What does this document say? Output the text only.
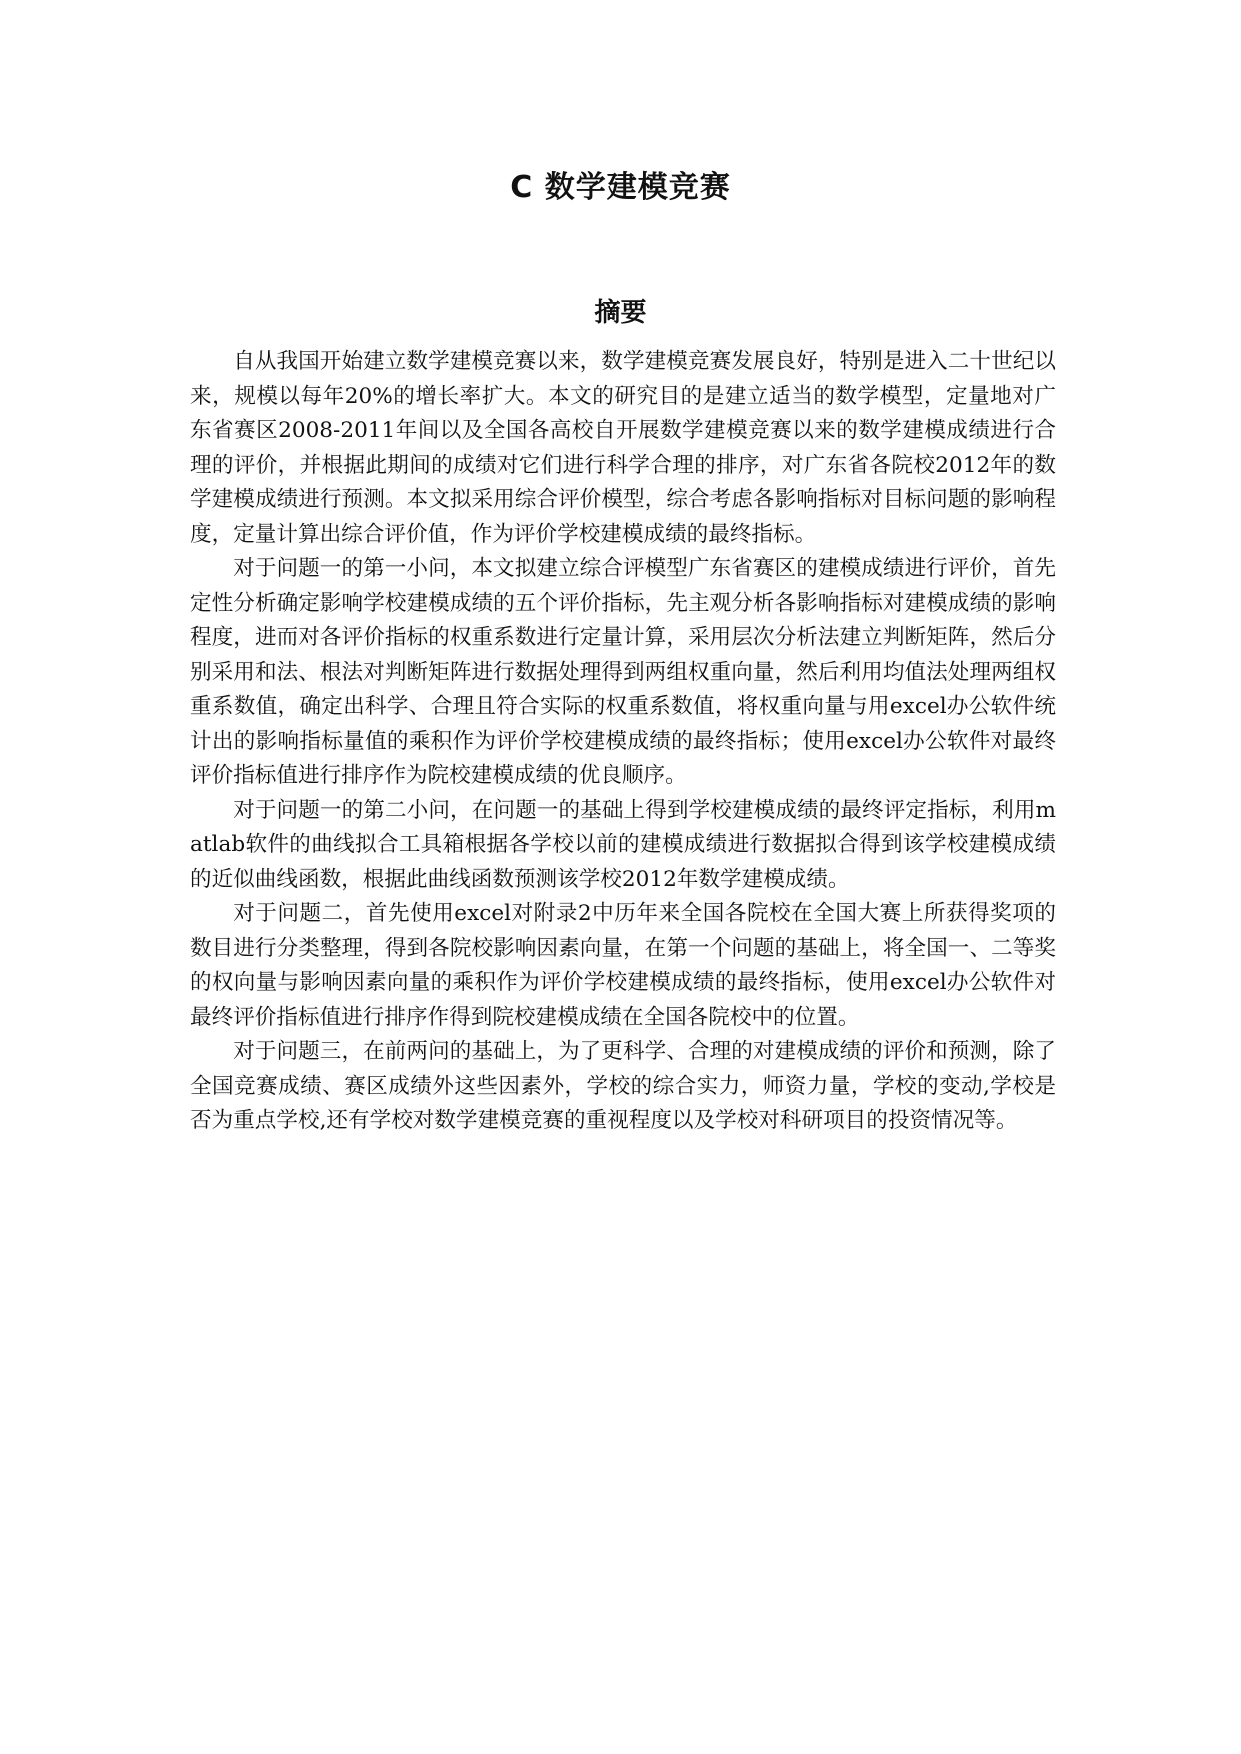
C 数学建模竞赛
摘要

自从我国开始建立数学建模竞赛以来，数学建模竞赛发展良好，特别是进入二十世纪以来，规模以每年20%的增长率扩大。本文的研究目的是建立适当的数学模型，定量地对广东省赛区2008-2011年间以及全国各高校自开展数学建模竞赛以来的数学建模成绩进行合理的评价，并根据此期间的成绩对它们进行科学合理的排序，对广东省各院校2012年的数学建模成绩进行预测。本文拟采用综合评价模型，综合考虑各影响指标对目标问题的影响程度，定量计算出综合评价值，作为评价学校建模成绩的最终指标。

对于问题一的第一小问，本文拟建立综合评模型广东省赛区的建模成绩进行评价，首先定性分析确定影响学校建模成绩的五个评价指标，先主观分析各影响指标对建模成绩的影响程度，进而对各评价指标的权重系数进行定量计算，采用层次分析法建立判断矩阵，然后分别采用和法、根法对判断矩阵进行数据处理得到两组权重向量，然后利用均值法处理两组权重系数值，确定出科学、合理且符合实际的权重系数值，将权重向量与用excel办公软件统计出的影响指标量值的乘积作为评价学校建模成绩的最终指标；使用excel办公软件对最终评价指标值进行排序作为院校建模成绩的优良顺序。

对于问题一的第二小问，在问题一的基础上得到学校建模成绩的最终评定指标，利用matlab软件的曲线拟合工具箱根据各学校以前的建模成绩进行数据拟合得到该学校建模成绩的近似曲线函数，根据此曲线函数预测该学校2012年数学建模成绩。

对于问题二，首先使用excel对附录2中历年来全国各院校在全国大赛上所获得奖项的数目进行分类整理，得到各院校影响因素向量，在第一个问题的基础上，将全国一、二等奖的权向量与影响因素向量的乘积作为评价学校建模成绩的最终指标，使用excel办公软件对最终评价指标值进行排序作得到院校建模成绩在全国各院校中的位置。

对于问题三，在前两问的基础上，为了更科学、合理的对建模成绩的评价和预测，除了全国竞赛成绩、赛区成绩外这些因素外，学校的综合实力，师资力量，学校的变动,学校是否为重点学校,还有学校对数学建模竞赛的重视程度以及学校对科研项目的投资情况等。
